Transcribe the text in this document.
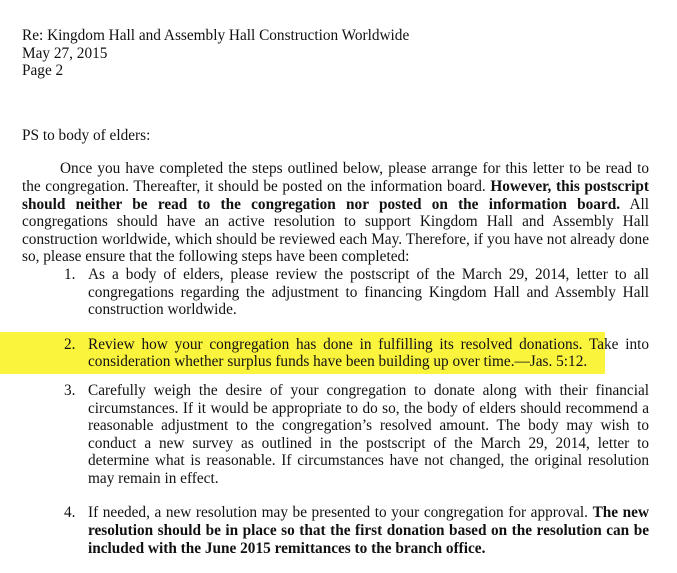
Re: Kingdom Hall and Assembly Hall Construction Worldwide
May 27, 2015
Page 2
PS to body of elders:
Once you have completed the steps outlined below, please arrange for this letter to be read to the congregation. Thereafter, it should be posted on the information board. However, this postscript should neither be read to the congregation nor posted on the information board. All congregations should have an active resolution to support Kingdom Hall and Assembly Hall construction worldwide, which should be reviewed each May. Therefore, if you have not already done so, please ensure that the following steps have been completed:
1. As a body of elders, please review the postscript of the March 29, 2014, letter to all congregations regarding the adjustment to financing Kingdom Hall and Assembly Hall construction worldwide.
2. Review how your congregation has done in fulfilling its resolved donations. Take into consideration whether surplus funds have been building up over time.—Jas. 5:12.
3. Carefully weigh the desire of your congregation to donate along with their financial circumstances. If it would be appropriate to do so, the body of elders should recommend a reasonable adjustment to the congregation’s resolved amount. The body may wish to conduct a new survey as outlined in the postscript of the March 29, 2014, letter to determine what is reasonable. If circumstances have not changed, the original resolution may remain in effect.
4. If needed, a new resolution may be presented to your congregation for approval. The new resolution should be in place so that the first donation based on the resolution can be included with the June 2015 remittances to the branch office.
